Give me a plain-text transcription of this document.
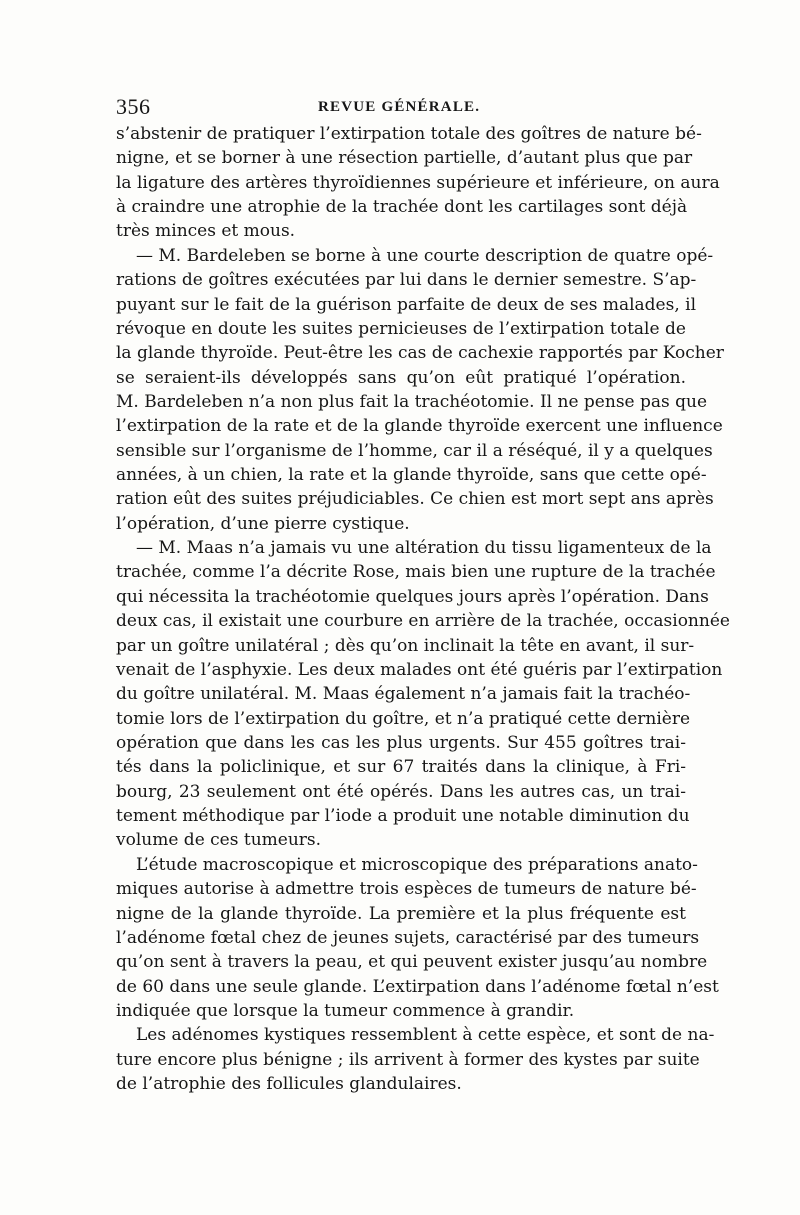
356	REVUE GÉNÉRALE.
s’abstenir de pratiquer l’extirpation totale des goîtres de nature bé-
nigne, et se borner à une résection partielle, d’autant plus que par
la ligature des artères thyroïdiennes supérieure et inférieure, on aura
à craindre une atrophie de la trachée dont les cartilages sont déjà
très minces et mous.
— M. Bardeleben se borne à une courte description de quatre opé-
rations de goîtres exécutées par lui dans le dernier semestre. S’ap-
puyant sur le fait de la guérison parfaite de deux de ses malades, il
révoque en doute les suites pernicieuses de l’extirpation totale de
la glande thyroïde. Peut-être les cas de cachexie rapportés par Kocher
se seraient-ils développés sans qu’on eût pratiqué l’opération.
M. Bardeleben n’a non plus fait la trachéotomie. Il ne pense pas que
l’extirpation de la rate et de la glande thyroïde exercent une influence
sensible sur l’organisme de l’homme, car il a réséqué, il y a quelques
années, à un chien, la rate et la glande thyroïde, sans que cette opé-
ration eût des suites préjudiciables. Ce chien est mort sept ans après
l’opération, d’une pierre cystique.
— M. Maas n’a jamais vu une altération du tissu ligamenteux de la
trachée, comme l’a décrite Rose, mais bien une rupture de la trachée
qui nécessita la trachéotomie quelques jours après l’opération. Dans
deux cas, il existait une courbure en arrière de la trachée, occasionnée
par un goître unilatéral ; dès qu’on inclinait la tête en avant, il sur-
venait de l’asphyxie. Les deux malades ont été guéris par l’extirpation
du goître unilatéral. M. Maas également n’a jamais fait la trachéo-
tomie lors de l’extirpation du goître, et n’a pratiqué cette dernière
opération que dans les cas les plus urgents. Sur 455 goîtres trai-
tés dans la policlinique, et sur 67 traités dans la clinique, à Fri-
bourg, 23 seulement ont été opérés. Dans les autres cas, un trai-
tement méthodique par l’iode a produit une notable diminution du
volume de ces tumeurs.
L’étude macroscopique et microscopique des préparations anato-
miques autorise à admettre trois espèces de tumeurs de nature bé-
nigne de la glande thyroïde. La première et la plus fréquente est
l’adénome fœtal chez de jeunes sujets, caractérisé par des tumeurs
qu’on sent à travers la peau, et qui peuvent exister jusqu’au nombre
de 60 dans une seule glande. L’extirpation dans l’adénome fœtal n’est
indiquée que lorsque la tumeur commence à grandir.
Les adénomes kystiques ressemblent à cette espèce, et sont de na-
ture encore plus bénigne ; ils arrivent à former des kystes par suite
de l’atrophie des follicules glandulaires.
